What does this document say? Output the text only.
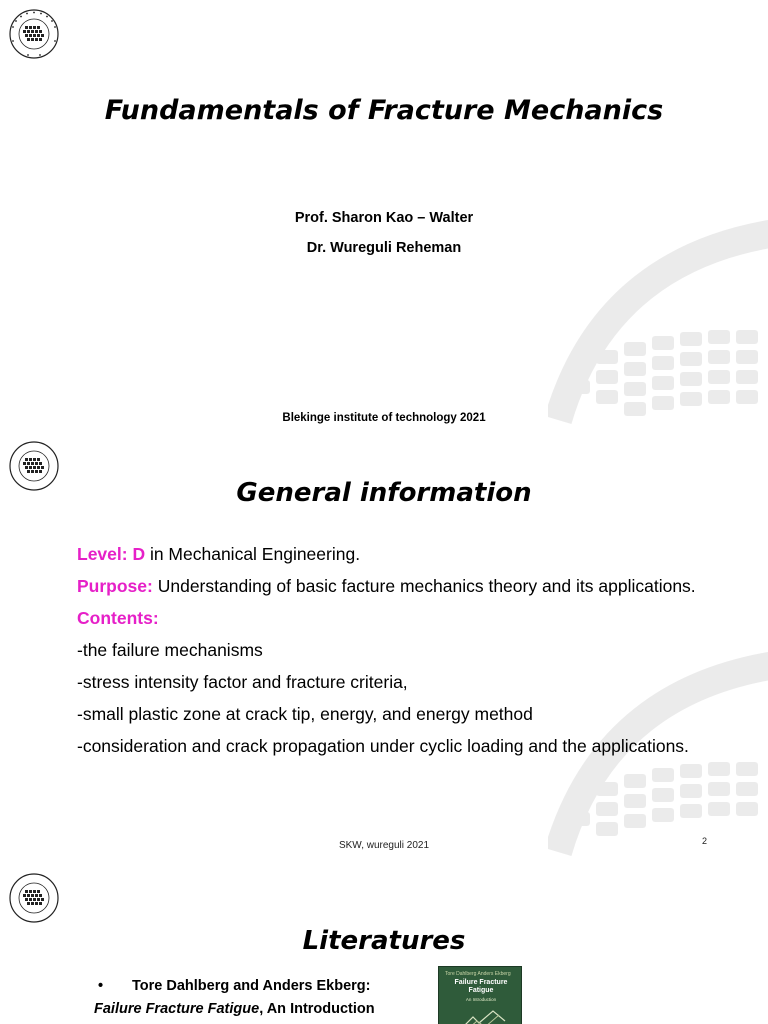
Fundamentals of Fracture Mechanics
Prof. Sharon Kao – Walter
Dr. Wureguli Reheman
Blekinge institute of technology 2021
General information

Level: D in Mechanical Engineering.

Purpose: Understanding of basic facture mechanics theory and its applications.

Contents:

-the failure mechanisms

-stress intensity factor and fracture criteria,

-small plastic zone at crack tip, energy, and energy method

-consideration and crack propagation under cyclic loading and the applications.

SKW, wureguli 2021	2
Literatures
• Tore Dahlberg and Anders Ekberg:
Failure Fracture Fatigue, An Introduction
Tore Dahlberg Anders Ekberg
Failure Fracture
Fatigue
An Introduction
